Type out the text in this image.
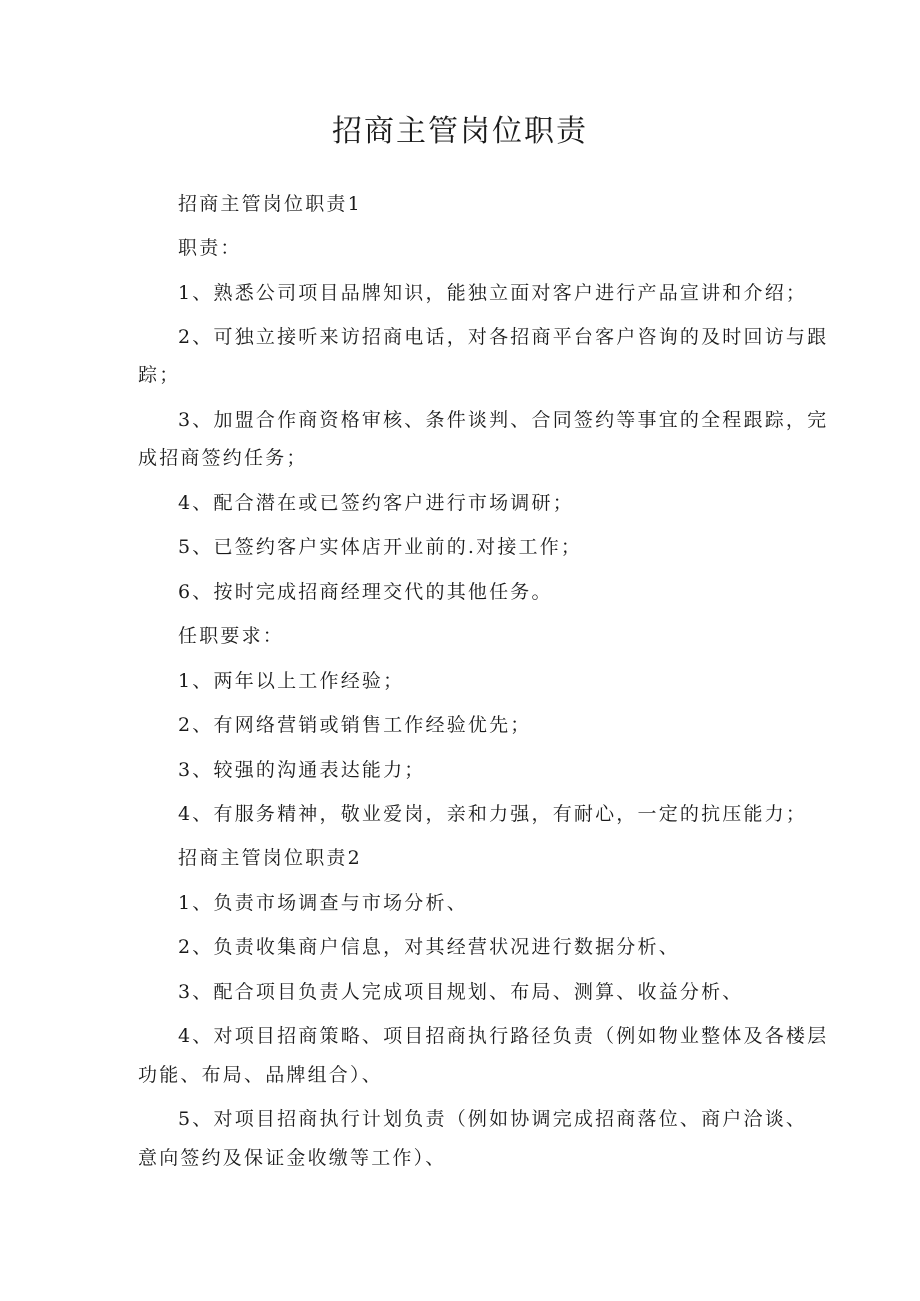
招商主管岗位职责
招商主管岗位职责1
职责：
1、熟悉公司项目品牌知识，能独立面对客户进行产品宣讲和介绍；
2、可独立接听来访招商电话，对各招商平台客户咨询的及时回访与跟
踪；
3、加盟合作商资格审核、条件谈判、合同签约等事宜的全程跟踪，完
成招商签约任务；
4、配合潜在或已签约客户进行市场调研；
5、已签约客户实体店开业前的.对接工作；
6、按时完成招商经理交代的其他任务。
任职要求：
1、两年以上工作经验；
2、有网络营销或销售工作经验优先；
3、较强的沟通表达能力；
4、有服务精神，敬业爱岗，亲和力强，有耐心，一定的抗压能力；
招商主管岗位职责2
1、负责市场调查与市场分析、
2、负责收集商户信息，对其经营状况进行数据分析、
3、配合项目负责人完成项目规划、布局、测算、收益分析、
4、对项目招商策略、项目招商执行路径负责（例如物业整体及各楼层
功能、布局、品牌组合）、
5、对项目招商执行计划负责（例如协调完成招商落位、商户洽谈、
意向签约及保证金收缴等工作）、
